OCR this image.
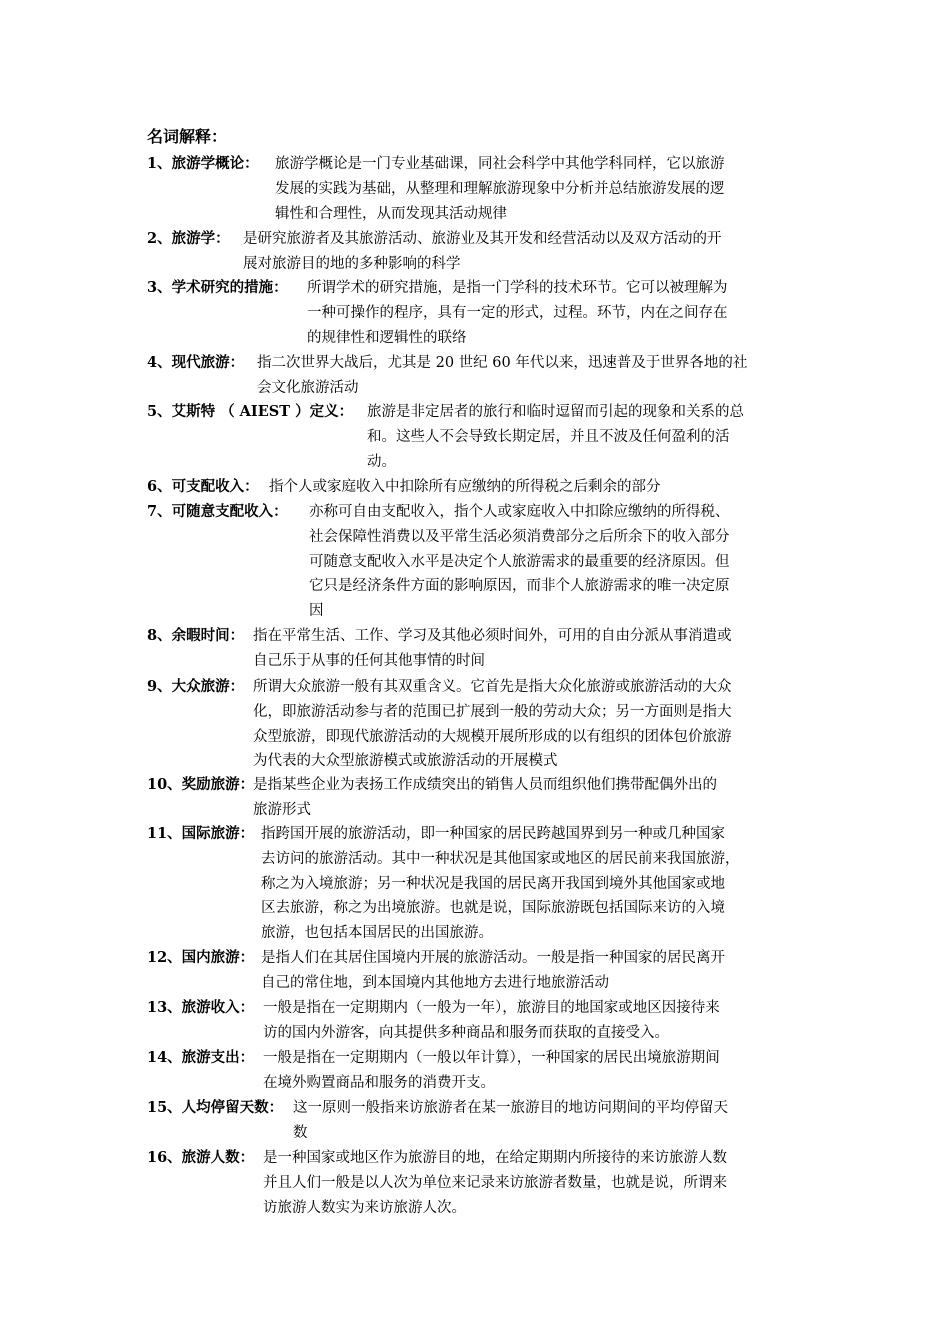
名词解释：
1、旅游学概论： 旅游学概论是一门专业基础课，同社会科学中其他学科同样，它以旅游
发展的实践为基础，从整理和理解旅游现象中分析并总结旅游发展的逻
辑性和合理性，从而发现其活动规律
2、旅游学： 是研究旅游者及其旅游活动、旅游业及其开发和经营活动以及双方活动的开
展对旅游目的地的多种影响的科学
3、学术研究的措施： 所谓学术的研究措施，是指一门学科的技术环节。它可以被理解为
一种可操作的程序，具有一定的形式，过程。环节，内在之间存在
的规律性和逻辑性的联络
4、现代旅游： 指二次世界大战后，尤其是 20 世纪 60 年代以来，迅速普及于世界各地的社
会文化旅游活动
5、艾斯特 （ AIEST ）定义： 旅游是非定居者的旅行和临时逗留而引起的现象和关系的总
和。这些人不会导致长期定居，并且不波及任何盈利的活
动。
6、可支配收入： 指个人或家庭收入中扣除所有应缴纳的所得税之后剩余的部分
7、可随意支配收入： 亦称可自由支配收入，指个人或家庭收入中扣除应缴纳的所得税、
社会保障性消费以及平常生活必须消费部分之后所余下的收入部分
可随意支配收入水平是决定个人旅游需求的最重要的经济原因。但
它只是经济条件方面的影响原因，而非个人旅游需求的唯一决定原
因
8、余暇时间： 指在平常生活、工作、学习及其他必须时间外，可用的自由分派从事消遣或
自己乐于从事的任何其他事情的时间
9、大众旅游： 所谓大众旅游一般有其双重含义。它首先是指大众化旅游或旅游活动的大众
化，即旅游活动参与者的范围已扩展到一般的劳动大众；另一方面则是指大
众型旅游，即现代旅游活动的大规模开展所形成的以有组织的团体包价旅游
为代表的大众型旅游模式或旅游活动的开展模式
10、奖励旅游：
是指某些企业为表扬工作成绩突出的销售人员而组织他们携带配偶外出的
旅游形式
11、国际旅游： 指跨国开展的旅游活动，即一种国家的居民跨越国界到另一种或几种国家
去访问的旅游活动。其中一种状况是其他国家或地区的居民前来我国旅游，
称之为入境旅游；另一种状况是我国的居民离开我国到境外其他国家或地
区去旅游，称之为出境旅游。也就是说，国际旅游既包括国际来访的入境
旅游，也包括本国居民的出国旅游。
12、国内旅游： 是指人们在其居住国境内开展的旅游活动。一般是指一种国家的居民离开
自己的常住地，到本国境内其他地方去进行地旅游活动
13、旅游收入： 一般是指在一定期期内（一般为一年），旅游目的地国家或地区因接待来
访的国内外游客，向其提供多种商品和服务而获取的直接受入。
14、旅游支出： 一般是指在一定期期内（一般以年计算），一种国家的居民出境旅游期间
在境外购置商品和服务的消费开支。
15、人均停留天数： 这一原则一般指来访旅游者在某一旅游目的地访问期间的平均停留天
数
16、旅游人数： 是一种国家或地区作为旅游目的地，在给定期期内所接待的来访旅游人数
并且人们一般是以人次为单位来记录来访旅游者数量，也就是说，所谓来
访旅游人数实为来访旅游人次。
